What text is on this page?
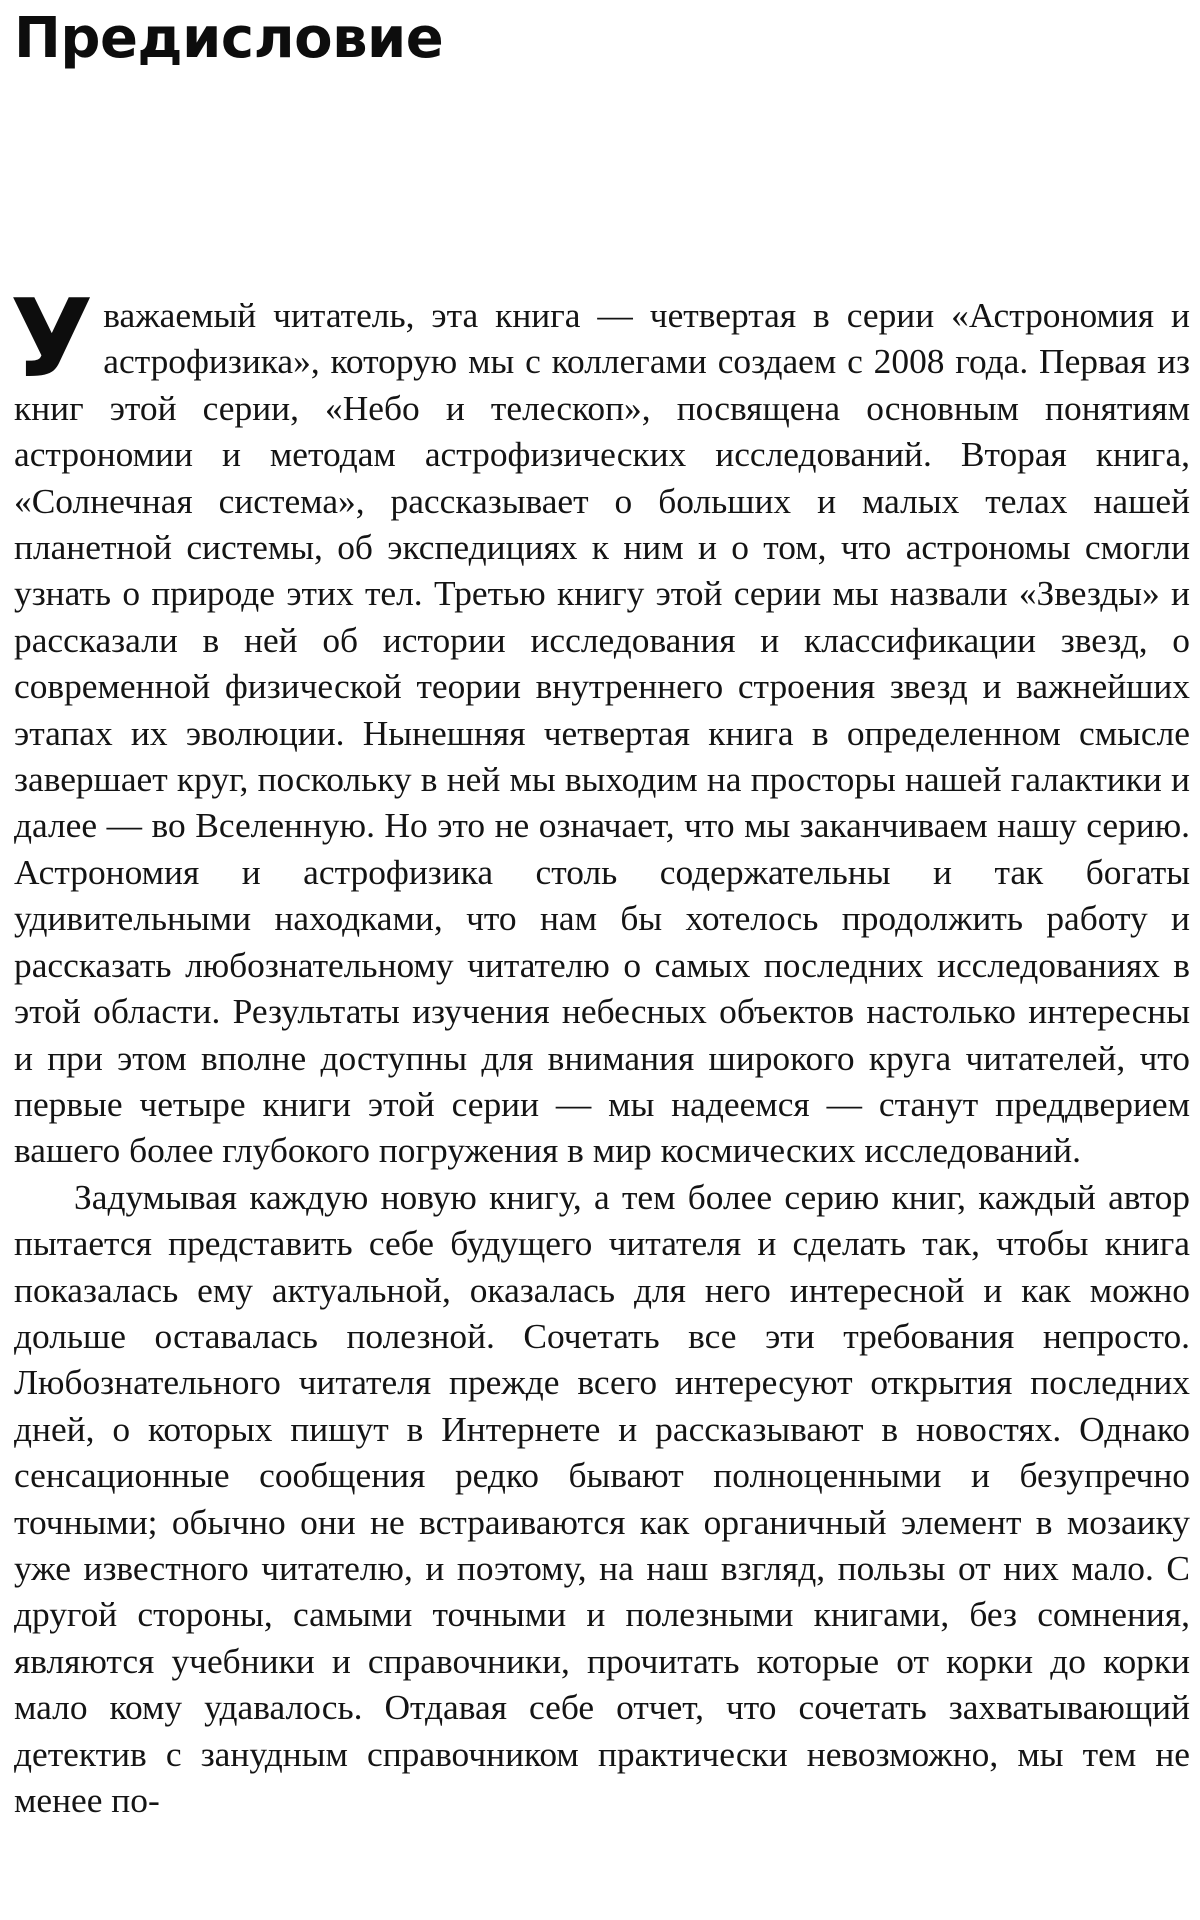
Предисловие

Уважаемый читатель, эта книга — четвертая в серии «Астрономия и астрофизика», которую мы с коллегами создаем с 2008 года. Первая из книг этой серии, «Небо и телескоп», посвящена основным понятиям астрономии и методам астрофизических исследований. Вторая книга, «Солнечная система», рассказывает о больших и малых телах нашей планетной системы, об экспедициях к ним и о том, что астрономы смогли узнать о природе этих тел. Третью книгу этой серии мы назвали «Звезды» и рассказали в ней об истории исследования и классификации звезд, о современной физической теории внутреннего строения звезд и важнейших этапах их эволюции. Нынешняя четвертая книга в определенном смысле завершает круг, поскольку в ней мы выходим на просторы нашей галактики и далее — во Вселенную. Но это не означает, что мы заканчиваем нашу серию. Астрономия и астрофизика столь содержательны и так богаты удивительными находками, что нам бы хотелось продолжить работу и рассказать любознательному читателю о самых последних исследованиях в этой области. Результаты изучения небесных объектов настолько интересны и при этом вполне доступны для внимания широкого круга читателей, что первые четыре книги этой серии — мы надеемся — станут преддверием вашего более глубокого погружения в мир космических исследований.

Задумывая каждую новую книгу, а тем более серию книг, каждый автор пытается представить себе будущего читателя и сделать так, чтобы книга показалась ему актуальной, оказалась для него интересной и как можно дольше оставалась полезной. Сочетать все эти требования непросто. Любознательного читателя прежде всего интересуют открытия последних дней, о которых пишут в Интернете и рассказывают в новостях. Однако сенсационные сообщения редко бывают полноценными и безупречно точными; обычно они не встраиваются как органичный элемент в мозаику уже известного читателю, и поэтому, на наш взгляд, пользы от них мало. С другой стороны, самыми точными и полезными книгами, без сомнения, являются учебники и справочники, прочитать которые от корки до корки мало кому удавалось. Отдавая себе отчет, что сочетать захватывающий детектив с занудным справочником практически невозможно, мы тем не менее по-
